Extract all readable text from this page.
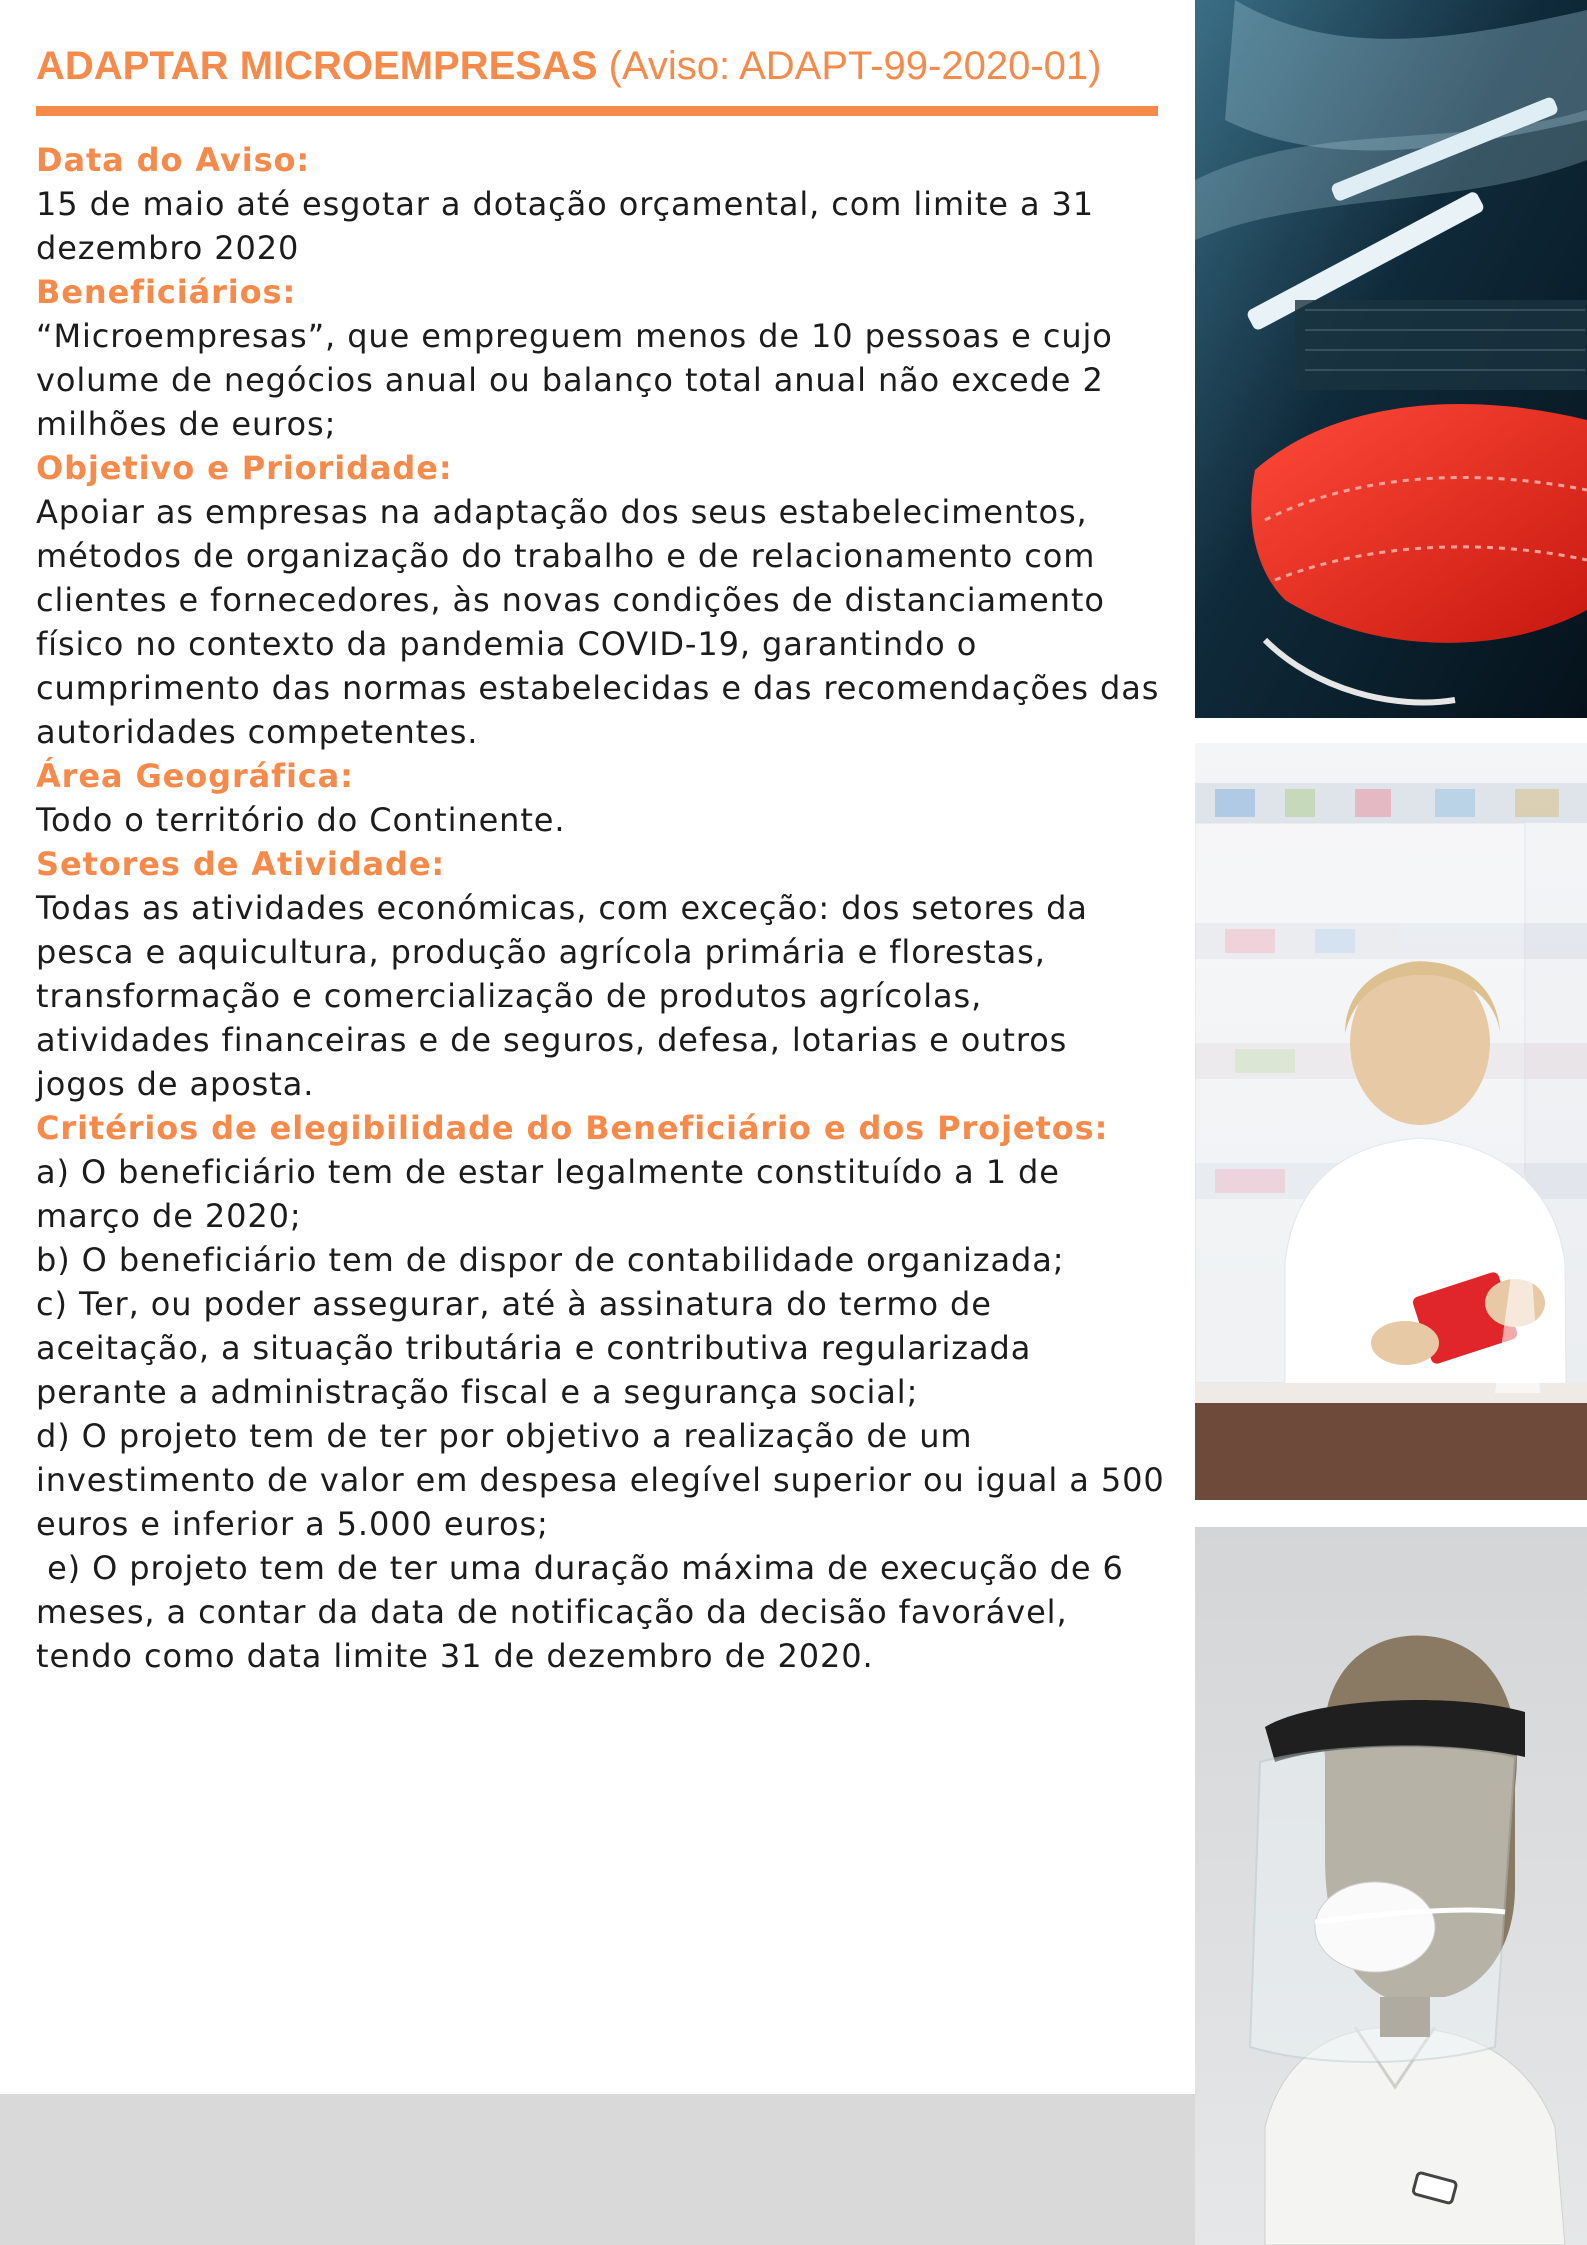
ADAPTAR MICROEMPRESAS (Aviso: ADAPT-99-2020-01)
Data do Aviso:

15 de maio até esgotar a dotação orçamental, com limite a 31 dezembro 2020

Beneficiários:

“Microempresas”, que empreguem menos de 10 pessoas e cujo volume de negócios anual ou balanço total anual não excede 2 milhões de euros;

Objetivo e Prioridade:

Apoiar as empresas na adaptação dos seus estabelecimentos, métodos de organização do trabalho e de relacionamento com clientes e fornecedores, às novas condições de distanciamento físico no contexto da pandemia COVID-19, garantindo o cumprimento das normas estabelecidas e das recomendações das autoridades competentes.

Área Geográfica:

Todo o território do Continente.

Setores de Atividade:

Todas as atividades económicas, com exceção: dos setores da pesca e aquicultura, produção agrícola primária e florestas, transformação e comercialização de produtos agrícolas, atividades financeiras e de seguros, defesa, lotarias e outros jogos de aposta.

Critérios de elegibilidade do Beneficiário e dos Projetos:

a) O beneficiário tem de estar legalmente constituído a 1 de março de 2020;

b) O beneficiário tem de dispor de contabilidade organizada;

c) Ter, ou poder assegurar, até à assinatura do termo de aceitação, a situação tributária e contributiva regularizada perante a administração fiscal e a segurança social;

d) O projeto tem de ter por objetivo a realização de um investimento de valor em despesa elegível superior ou igual a 500 euros e inferior a 5.000 euros;

e) O projeto tem de ter uma duração máxima de execução de 6 meses, a contar da data de notificação da decisão favorável, tendo como data limite 31 de dezembro de 2020.
